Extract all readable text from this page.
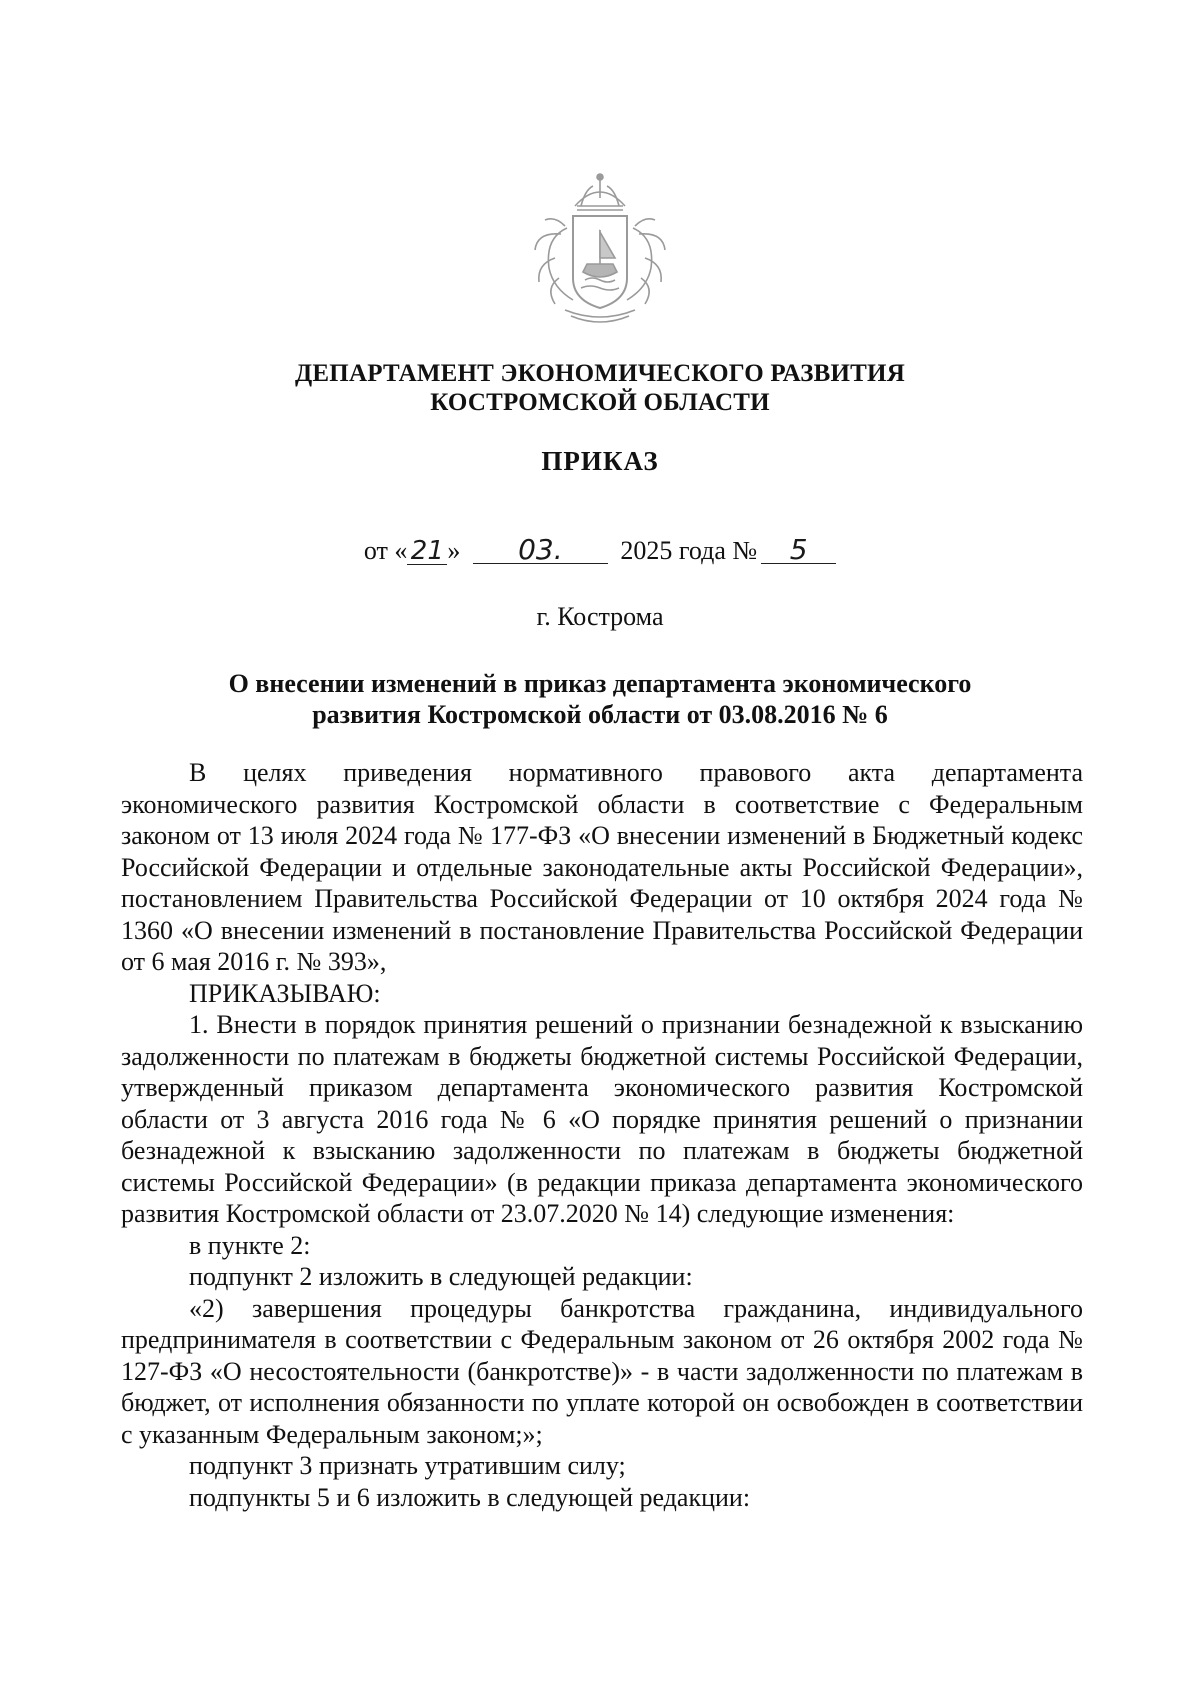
ДЕПАРТАМЕНТ ЭКОНОМИЧЕСКОГО РАЗВИТИЯ
КОСТРОМСКОЙ ОБЛАСТИ
ПРИКАЗ
от « 21 » 03. 2025 года № 5
г. Кострома
О внесении изменений в приказ департамента экономического
развития Костромской области от 03.08.2016 № 6

В целях приведения нормативного правового акта департамента экономического развития Костромской области в соответствие с Федеральным законом от 13 июля 2024 года № 177-ФЗ «О внесении изменений в Бюджетный кодекс Российской Федерации и отдельные законодательные акты Российской Федерации», постановлением Правительства Российской Федерации от 10 октября 2024 года № 1360 «О внесении изменений в постановление Правительства Российской Федерации от 6 мая 2016 г. № 393»,

ПРИКАЗЫВАЮ:

1. Внести в порядок принятия решений о признании безнадежной к взысканию задолженности по платежам в бюджеты бюджетной системы Российской Федерации, утвержденный приказом департамента экономического развития Костромской области от 3 августа 2016 года № 6 «О порядке принятия решений о признании безнадежной к взысканию задолженности по платежам в бюджеты бюджетной системы Российской Федерации» (в редакции приказа департамента экономического развития Костромской области от 23.07.2020 № 14) следующие изменения:

в пункте 2:

подпункт 2 изложить в следующей редакции:

«2) завершения процедуры банкротства гражданина, индивидуального предпринимателя в соответствии с Федеральным законом от 26 октября 2002 года № 127-ФЗ «О несостоятельности (банкротстве)» - в части задолженности по платежам в бюджет, от исполнения обязанности по уплате которой он освобожден в соответствии с указанным Федеральным законом;»;

подпункт 3 признать утратившим силу;

подпункты 5 и 6 изложить в следующей редакции:
